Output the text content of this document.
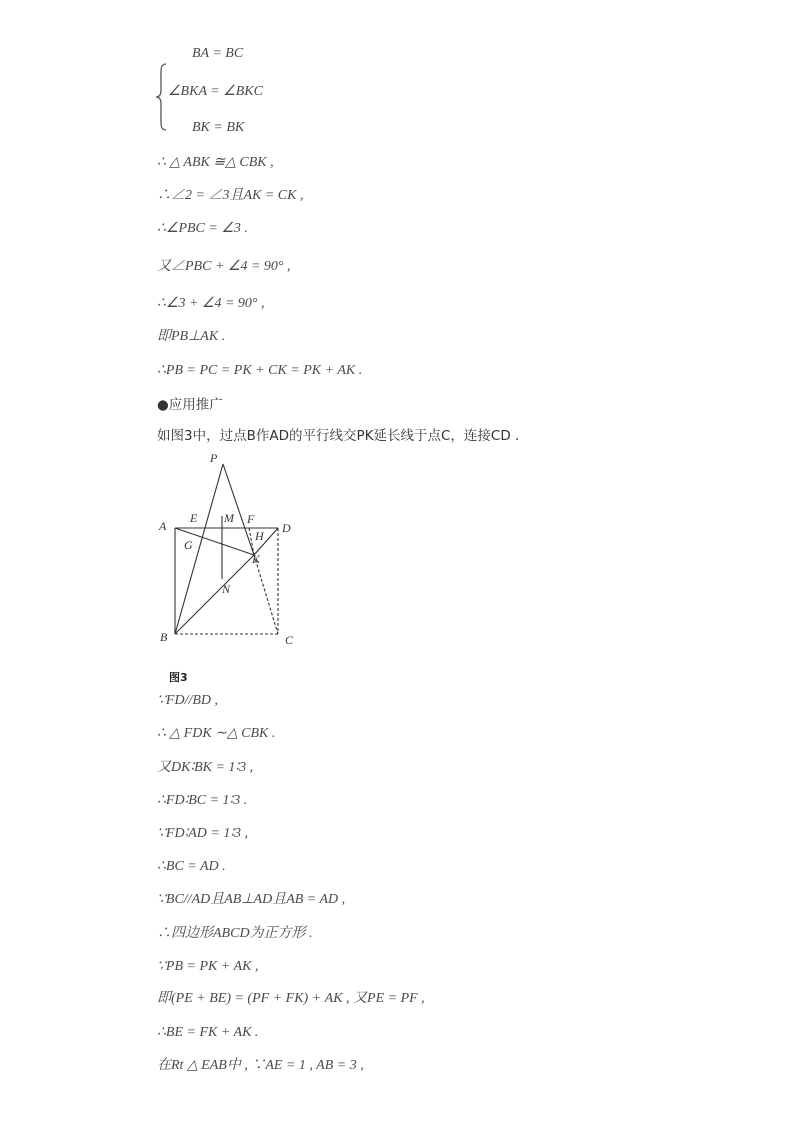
BA = BC
∠BKA = ∠BKC
BK = BK
∴ △ ABK ≅△ CBK ,
∴∠2 = ∠3且AK = CK ,
∴∠PBC = ∠3 .
又∠PBC + ∠4 = 90° ,
∴∠3 + ∠4 = 90° ,
即PB⊥AK .
∴PB = PC = PK + CK = PK + AK .
●应用推广
如图3中，过点B作AD的平行线交PK延长线于点C，连接CD .
P
A
E M F
H
D
G
K
N
B	C
图3
∵FD//BD ,
∴ △ FDK ∼△ CBK .
又DK∶BK = 1∶3 ,
∴FD∶BC = 1∶3 .
∵FD∶AD = 1∶3 ,
∴BC = AD .
∵BC//AD且AB⊥AD且AB = AD ,
∴四边形ABCD为正方形 .
∵PB = PK + AK ,
即(PE + BE) = (PF + FK) + AK , 又PE = PF ,
∴BE = FK + AK .
在Rt △ EAB中 , ∵AE = 1 , AB = 3 ,
